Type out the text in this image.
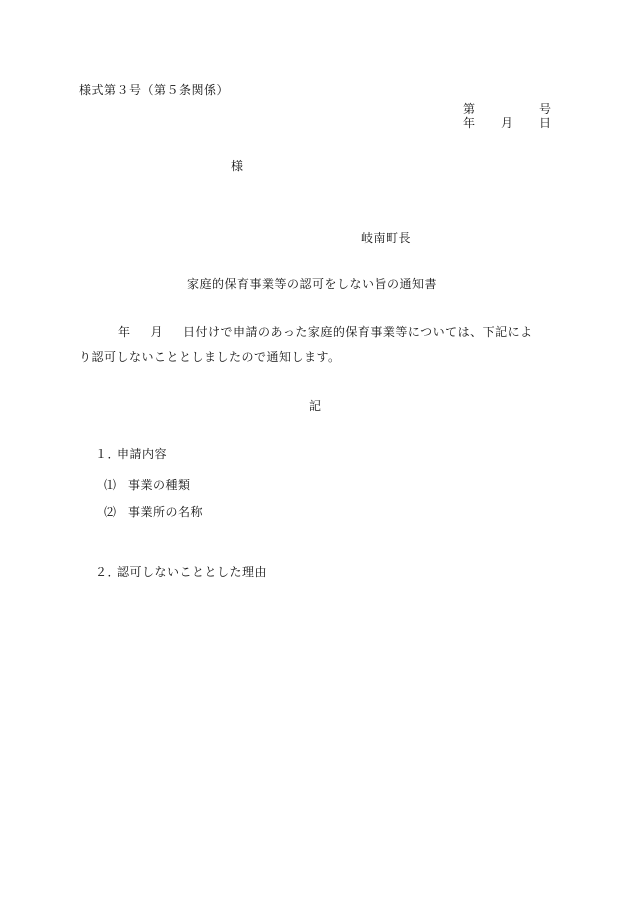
様式第３号（第５条関係）
第	号
年 月 日
様
岐南町長
家庭的保育事業等の認可をしない旨の通知書
年 月 日付けで申請のあった家庭的保育事業等については、下記によ
り認可しないこととしましたので通知します。
記
１．申請内容
⑴ 事業の種類
⑵ 事業所の名称
２．認可しないこととした理由
